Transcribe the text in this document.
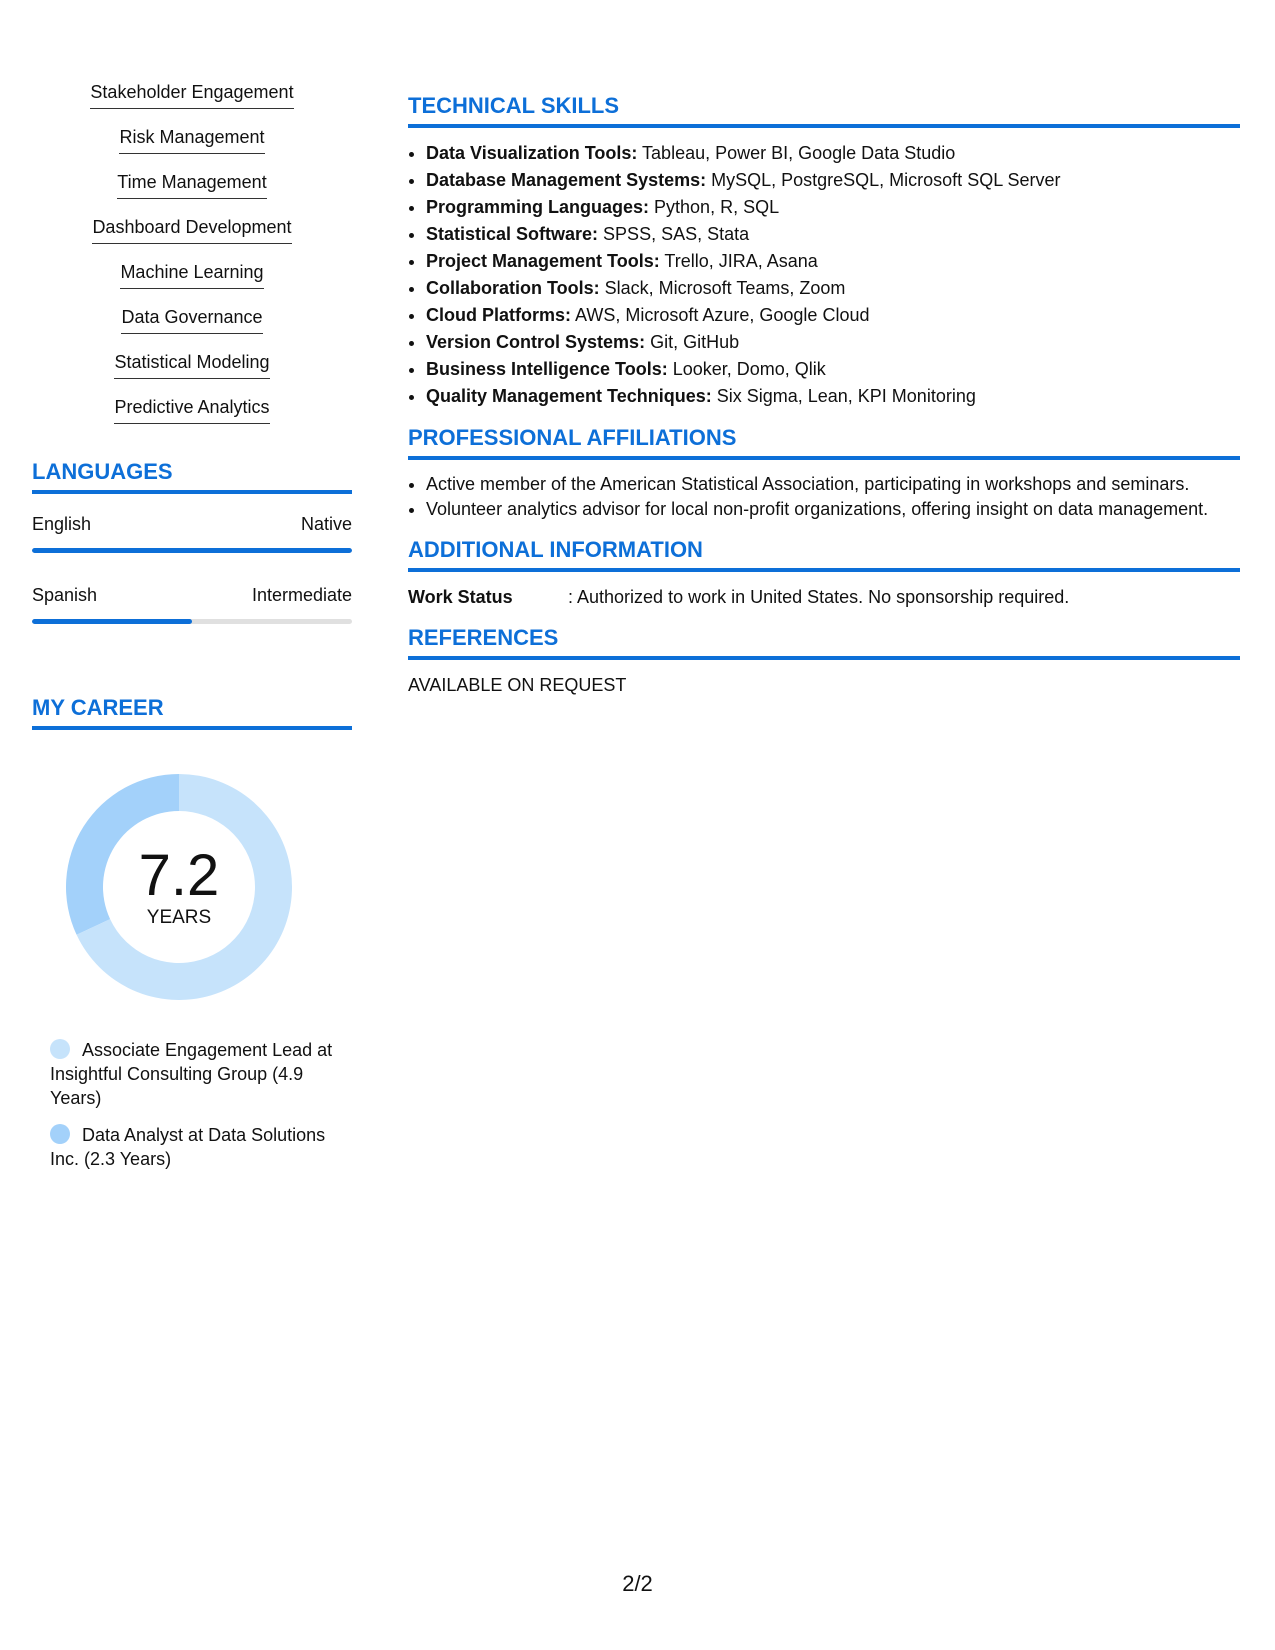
Stakeholder Engagement
Risk Management
Time Management
Dashboard Development
Machine Learning
Data Governance
Statistical Modeling
Predictive Analytics
LANGUAGES
English	Native
Spanish	Intermediate
MY CAREER
7.2
YEARS
Associate Engagement Lead at Insightful Consulting Group (4.9 Years)
Data Analyst at Data Solutions Inc. (2.3 Years)
TECHNICAL SKILLS
• Data Visualization Tools: Tableau, Power BI, Google Data Studio
• Database Management Systems: MySQL, PostgreSQL, Microsoft SQL Server
• Programming Languages: Python, R, SQL
• Statistical Software: SPSS, SAS, Stata
• Project Management Tools: Trello, JIRA, Asana
• Collaboration Tools: Slack, Microsoft Teams, Zoom
• Cloud Platforms: AWS, Microsoft Azure, Google Cloud
• Version Control Systems: Git, GitHub
• Business Intelligence Tools: Looker, Domo, Qlik
• Quality Management Techniques: Six Sigma, Lean, KPI Monitoring
PROFESSIONAL AFFILIATIONS
• Active member of the American Statistical Association, participating in workshops and seminars.
• Volunteer analytics advisor for local non-profit organizations, offering insight on data management.
ADDITIONAL INFORMATION
Work Status	: Authorized to work in United States. No sponsorship required.
REFERENCES

AVAILABLE ON REQUEST

2/2
